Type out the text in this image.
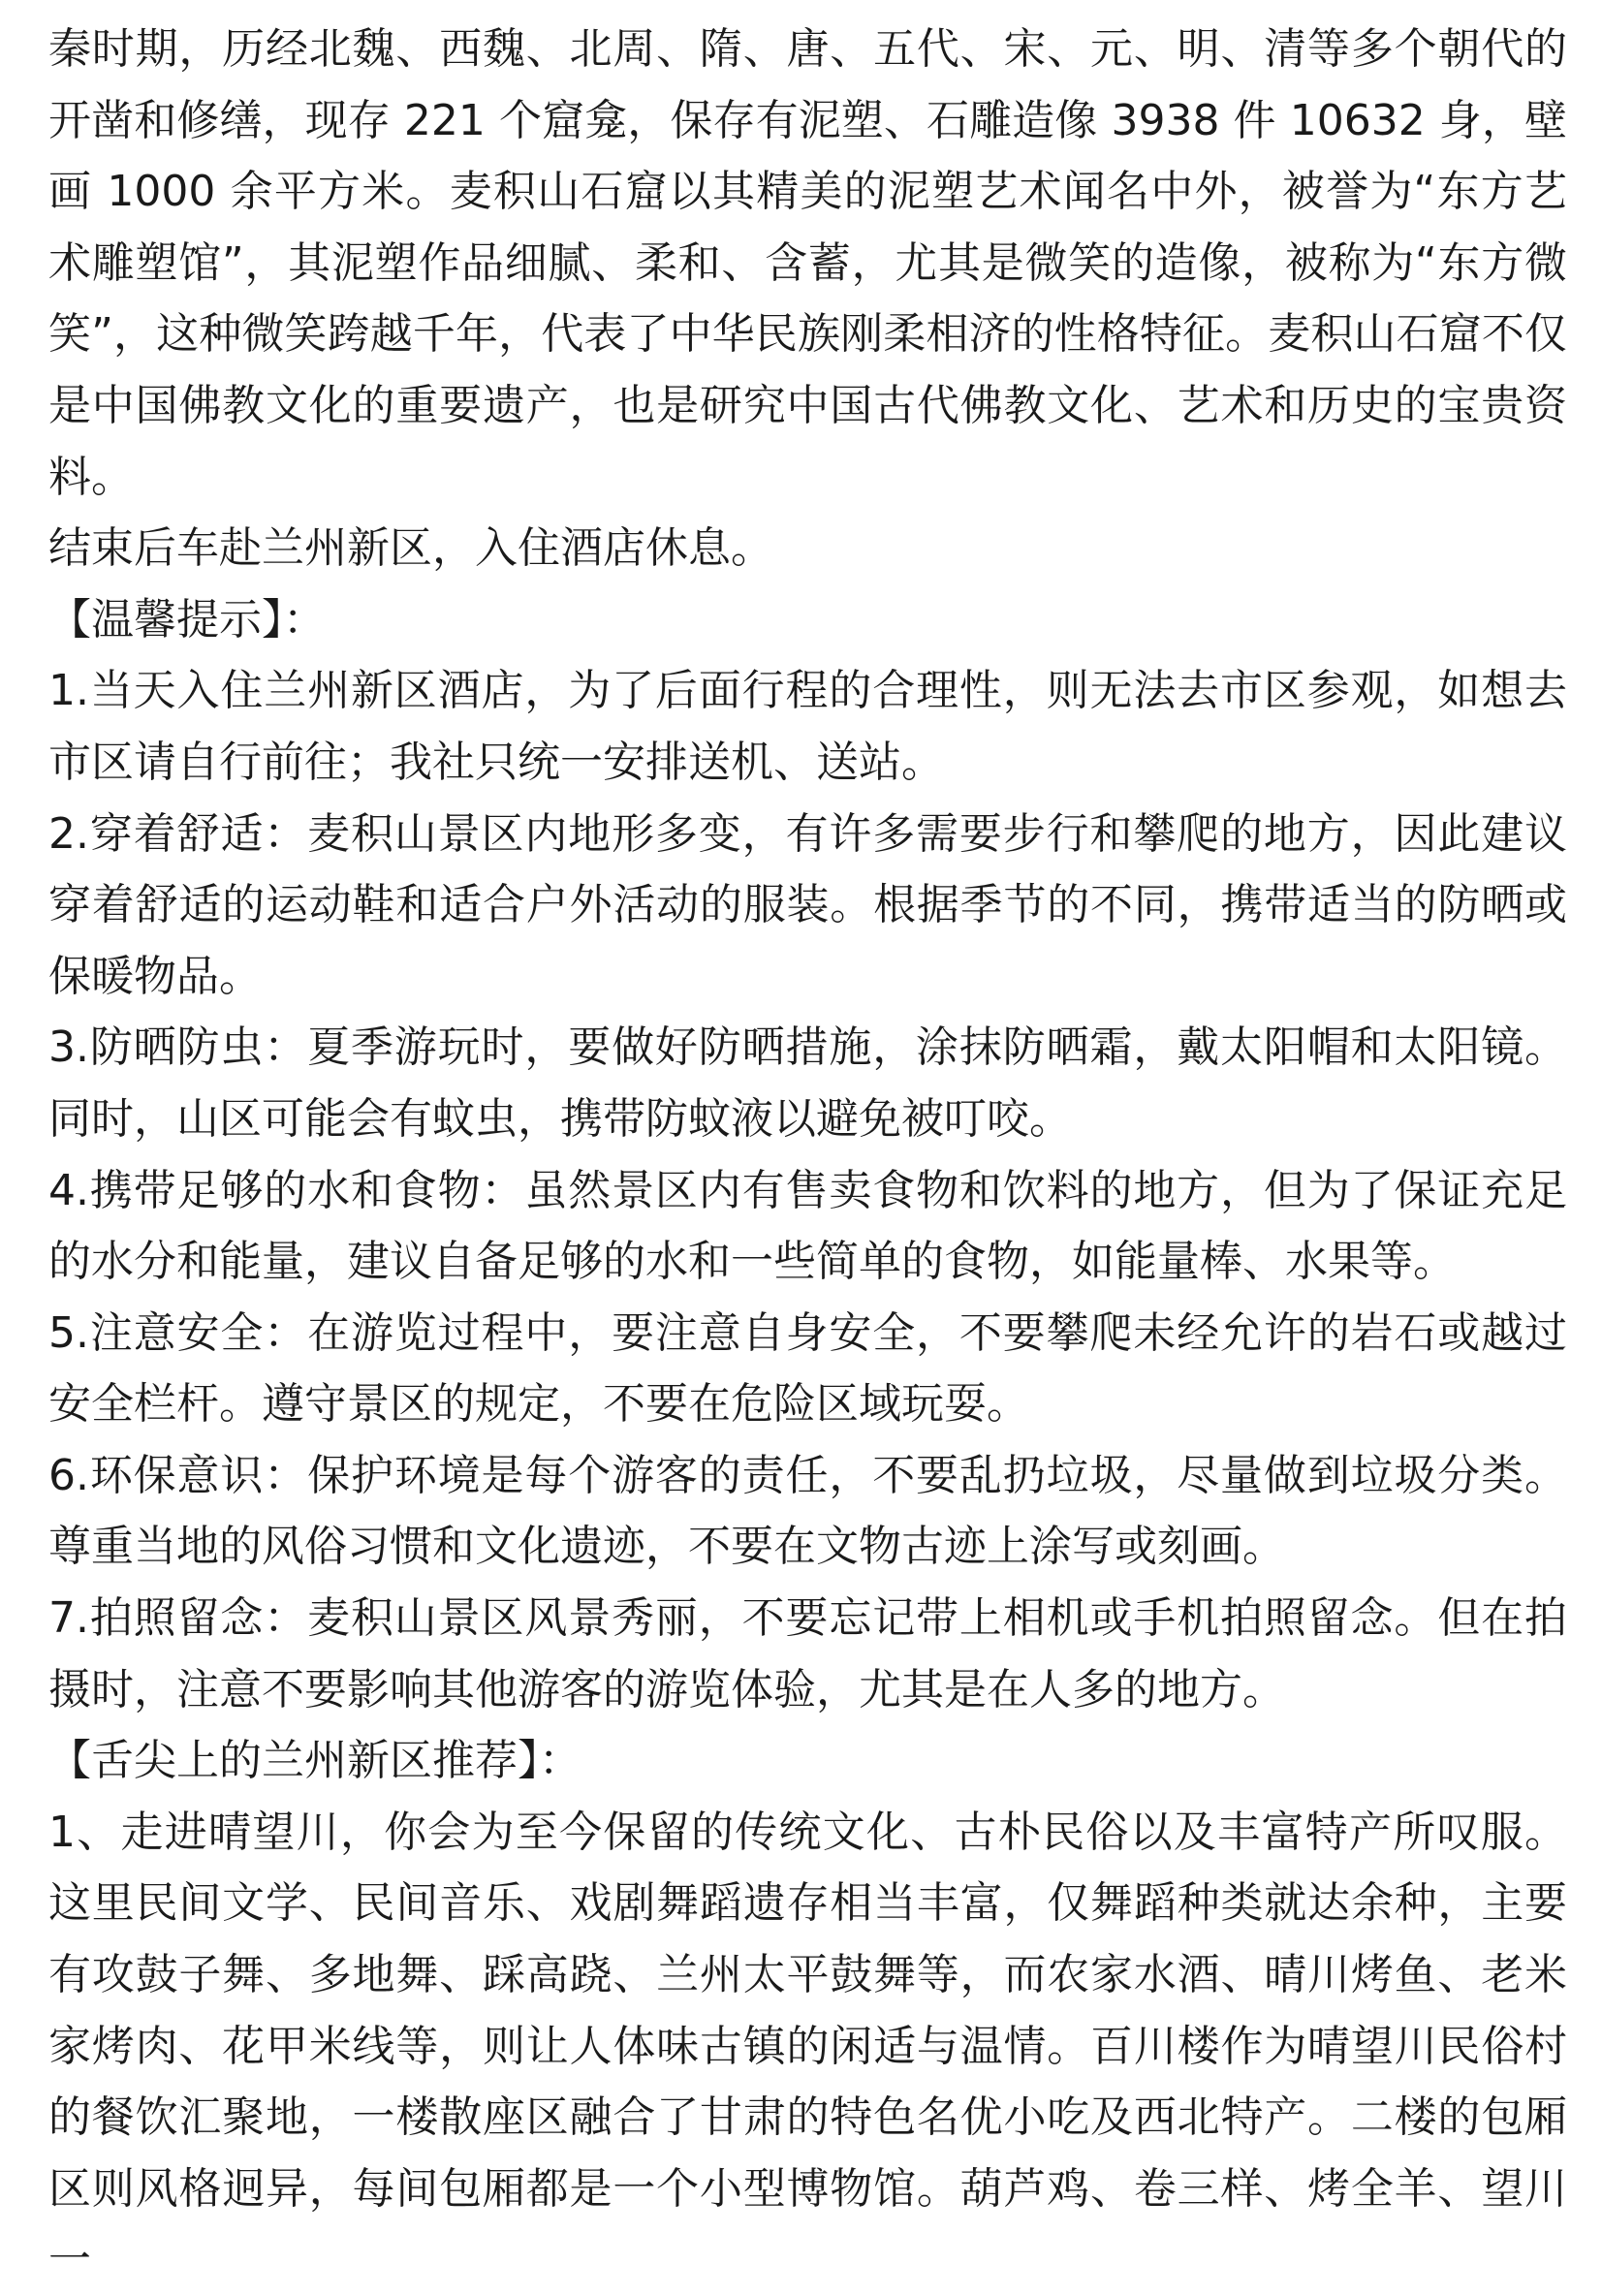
秦时期，历经北魏、西魏、北周、隋、唐、五代、宋、元、明、清等多个朝代的开凿和修缮，现存 221 个窟龛，保存有泥塑、石雕造像 3938 件 10632 身，壁画 1000 余平方米。麦积山石窟以其精美的泥塑艺术闻名中外，被誉为“东方艺术雕塑馆”，其泥塑作品细腻、柔和、含蓄，尤其是微笑的造像，被称为“东方微笑”，这种微笑跨越千年，代表了中华民族刚柔相济的性格特征。麦积山石窟不仅是中国佛教文化的重要遗产，也是研究中国古代佛教文化、艺术和历史的宝贵资料。

结束后车赴兰州新区，入住酒店休息。

【温馨提示】：

1.当天入住兰州新区酒店，为了后面行程的合理性，则无法去市区参观，如想去市区请自行前往；我社只统一安排送机、送站。

2.穿着舒适：麦积山景区内地形多变，有许多需要步行和攀爬的地方，因此建议穿着舒适的运动鞋和适合户外活动的服装。根据季节的不同，携带适当的防晒或保暖物品。

3.防晒防虫：夏季游玩时，要做好防晒措施，涂抹防晒霜，戴太阳帽和太阳镜。同时，山区可能会有蚊虫，携带防蚊液以避免被叮咬。

4.携带足够的水和食物：虽然景区内有售卖食物和饮料的地方，但为了保证充足的水分和能量，建议自备足够的水和一些简单的食物，如能量棒、水果等。

5.注意安全：在游览过程中，要注意自身安全，不要攀爬未经允许的岩石或越过安全栏杆。遵守景区的规定，不要在危险区域玩耍。

6.环保意识：保护环境是每个游客的责任，不要乱扔垃圾，尽量做到垃圾分类。尊重当地的风俗习惯和文化遗迹，不要在文物古迹上涂写或刻画。

7.拍照留念：麦积山景区风景秀丽，不要忘记带上相机或手机拍照留念。但在拍摄时，注意不要影响其他游客的游览体验，尤其是在人多的地方。

【舌尖上的兰州新区推荐】：

1、走进晴望川，你会为至今保留的传统文化、古朴民俗以及丰富特产所叹服。这里民间文学、民间音乐、戏剧舞蹈遗存相当丰富，仅舞蹈种类就达余种，主要有攻鼓子舞、多地舞、踩高跷、兰州太平鼓舞等，而农家水酒、晴川烤鱼、老米家烤肉、花甲米线等，则让人体味古镇的闲适与温情。百川楼作为晴望川民俗村的餐饮汇聚地，一楼散座区融合了甘肃的特色名优小吃及西北特产。二楼的包厢区则风格迥异，每间包厢都是一个小型博物馆。葫芦鸡、卷三样、烤全羊、望川一
